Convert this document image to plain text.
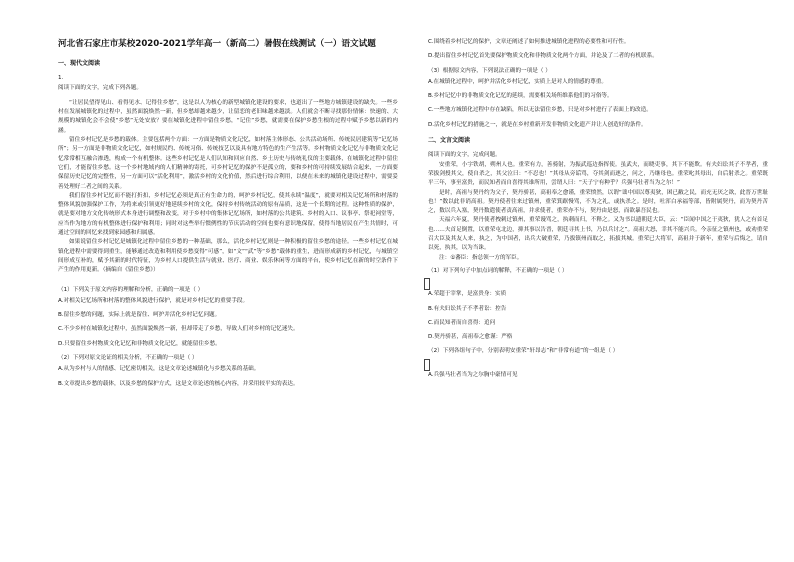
河北省石家庄市某校2020-2021学年高一（新高二）暑假在线测试（一）语文试题
一、现代文阅读
1.
阅读下面的文字，完成下列各题。

“让居民望得见山、看得见水、记得住乡愁”，这是以人为核心的新型城镇化建设的要求，也道出了一些地方城镇建设的缺失。一些乡村在发展城镇化的过程中，虽然面貌焕然一新，但乡愁却越来越少，让留恋的老旧味越来越淡。人们就会不断寻找那份情愫：快速的、大规模的城镇化会不会使“乡愁”无处安放？要在城镇化进程中留住乡愁，“记住”乡愁，就需要在保护乡愁生根的过程中赋予乡愁以新的内涵。

留住乡村记忆是乡愁的载体。主要包括两个方面：一方面是物质文化记忆，如村落主体形态、公共活动场所、传统民居建筑等“记忆场所”；另一方面是非物质文化记忆，如村规民约、传统习俗、传统技艺以及具有地方特色的生产生活等。乡村物质文化记忆与非物质文化记忆常常相互融合渗透，构成一个有机整体。这些乡村记忆是人们认知和回应自然、乡土历史与传统礼仪的主要载体，在城镇化过程中留住它们，才能留住乡愁。这一个乡村地域内的人们精神的寄托，可乡村记忆的保护不是孤立的，要和乡村的可持续发展结合起来，一方面要保留历史记忆的完整性，另一方面可以“活化利用”，激活乡村的文化价值，然后进行综合利用，以便在未来的城镇化建设过程中，需要妥善处理好二者之间的关系。

我们留住乡村记忆而不能打折扣，乡村记忆必须是真正有生命力的，呵护乡村记忆，使其永续“温度”，就要对相关记忆场所和村落的整体风貌加强保护工作，为将来或引领更好地延续乡村的文化，保持乡村传统活动的原有品质，这是一个长期的过程。这种性质的保护，就是要对地方文化传统形式本身进行调整和改变，对于乡村中的集体记忆场所，如村落的公共建筑、乡村的入口、议事亭、祭祀祠堂等，应当作为地方的有机整体进行保护和利用；同时对这些举行惯例性的节庆活动的空间也要有意识地保留，使得当地居民在产生共情时，可通过空间的回忆来找到家园感和归属感。

如果说留住乡村记忆是城镇化过程中留住乡愁的一种基础，那么，活化乡村记忆则是一种积极的留住乡愁的途径。一些乡村记忆在城镇化进程中需要得到重生，能够通过改造和利用使乡愁变得“可感”，如“文”“武”等“乡愁”载体的重生，进而形成新的乡村记忆，与城镇空间形成互补的，赋予其新的时代特征，为乡村人口提供生活与就业、医疗、商业、娱乐休闲等方面的平台，使乡村记忆在新的时空条件下产生的作用更新。（摘编自《留住乡愁》）

（1）下列关于原文内容的理解和分析，正确的一项是（ ）
A.对相关记忆场所和村落的整体风貌进行保护，就是对乡村记忆的重要手段。
B.留住乡愁的问题，实际上就是留住、呵护并活化乡村记忆问题。
C.不少乡村在城镇化过程中，虽然面貌焕然一新，但却带走了乡愁，导致人们对乡村的记忆迷失。
D.只要留住乡村物质文化记忆和非物质文化记忆，就能留住乡愁。
（2）下列对原文论证的相关分析，不正确的一项是（ ）
A.从为乡村与人的情感、记忆密切相关，这是文章论述城镇化与乡愁关系的基础。
B.文章提出乡愁的载体，以及乡愁的保护方式，这是文章论述的核心内容，并采用较平实的表达。
C.围绕着乡村记忆的保护，文章还阐述了如何推进城镇化进程的必要性和可行性。
D.提出留住乡村记忆首先要保护物质文化和非物质文化两个方面，并论及了二者的有机联系。
（3）根据原文内容，下列说法正确的一项是（ ）
A.在城镇化过程中，呵护并活化乡村记忆，实质上是对人的情感的尊重。
B.乡村记忆中的非物质文化记忆的延续，需要相关场所维系他们的习俗等。
C.一些地方城镇化过程中存在缺陷，所以无法留住乡愁，只是对乡村进行了表面上的改造。
D.活化乡村记忆的措施之一，就是在乡村重新开发非物质文化遗产并让人创造好的条件。
二、文言文阅读
阅读下面的文字，完成问题。

安重荣，小字铁胡，朔州人也。重荣有力，善骑射，为振武巡边指挥使。虽武夫，而晓吏事，其下不能欺。有夫妇讼其子不孝者，重荣拔剑授其父，使自杀之，其父泣曰：“不忍也！”其母从旁诟骂，夺其剑而逐之，问之，乃继母也。重荣叱其母出，自后射杀之。重荣既平三年，事至富贵，而民知者而自喜得其谁所用，尝谓人曰：“天子宁有种乎？兵强马壮者当为之尔！”

是时，高祖与契丹约为父子，契丹骄甚，高祖奉之愈谨，重荣愤然，以谓“诎中国以尊夷狄，困已敝之民，而充无厌之欲，此晋万世耻也！”数以此非诮高祖。契丹使者往来过镇州，重荣箕踞慢骂，不为之礼，或执杀之。是时，吐浑白承福等部，皆附属契丹，而为契丹苦之，数以兵入塞，契丹数遣使者责高祖，并求使者，重荣亦不与，契丹由是怒，而欲暴吾民也。

天福六年夏，契丹使者拽刺过镇州，重荣谩骂之，执刺而归，不释之。又为书以遗朝廷大臣，云：“臣闻中国之于夷狄，犹人之有首足也……夫首足倒置，以重荣屯北边，抑其事以告晋，朝廷寻其上书，乃以兵讨之”。高祖大怒，幸其不能兴兵。今亲征之镇州也，或劝重荣召大臣及其友人来，执之，为中国者，出兵大破重荣，乃拔镇州而取之，拓拔其城。重荣已大将军，高祖并于新年，重荣与后悔之，请自以死，执其，以为当诛。

注：①蕃臣：指总领一方的军臣。
（1）对下列句子中加点词的解释，不正确的一项是（ ）
A.荣超于宰掌，是富贵身：实质
B.有夫妇讼其子不孝者讼：控告
C.而民知者而自喜得：追问
D.契丹骄甚，高祖奉之愈谨：严格
（2）下列各组句子中，分别表明安重荣“轩昂志”和“非常有道”的一组是（ ）
A.兵强马壮者当为之尔胸中豪情可见
